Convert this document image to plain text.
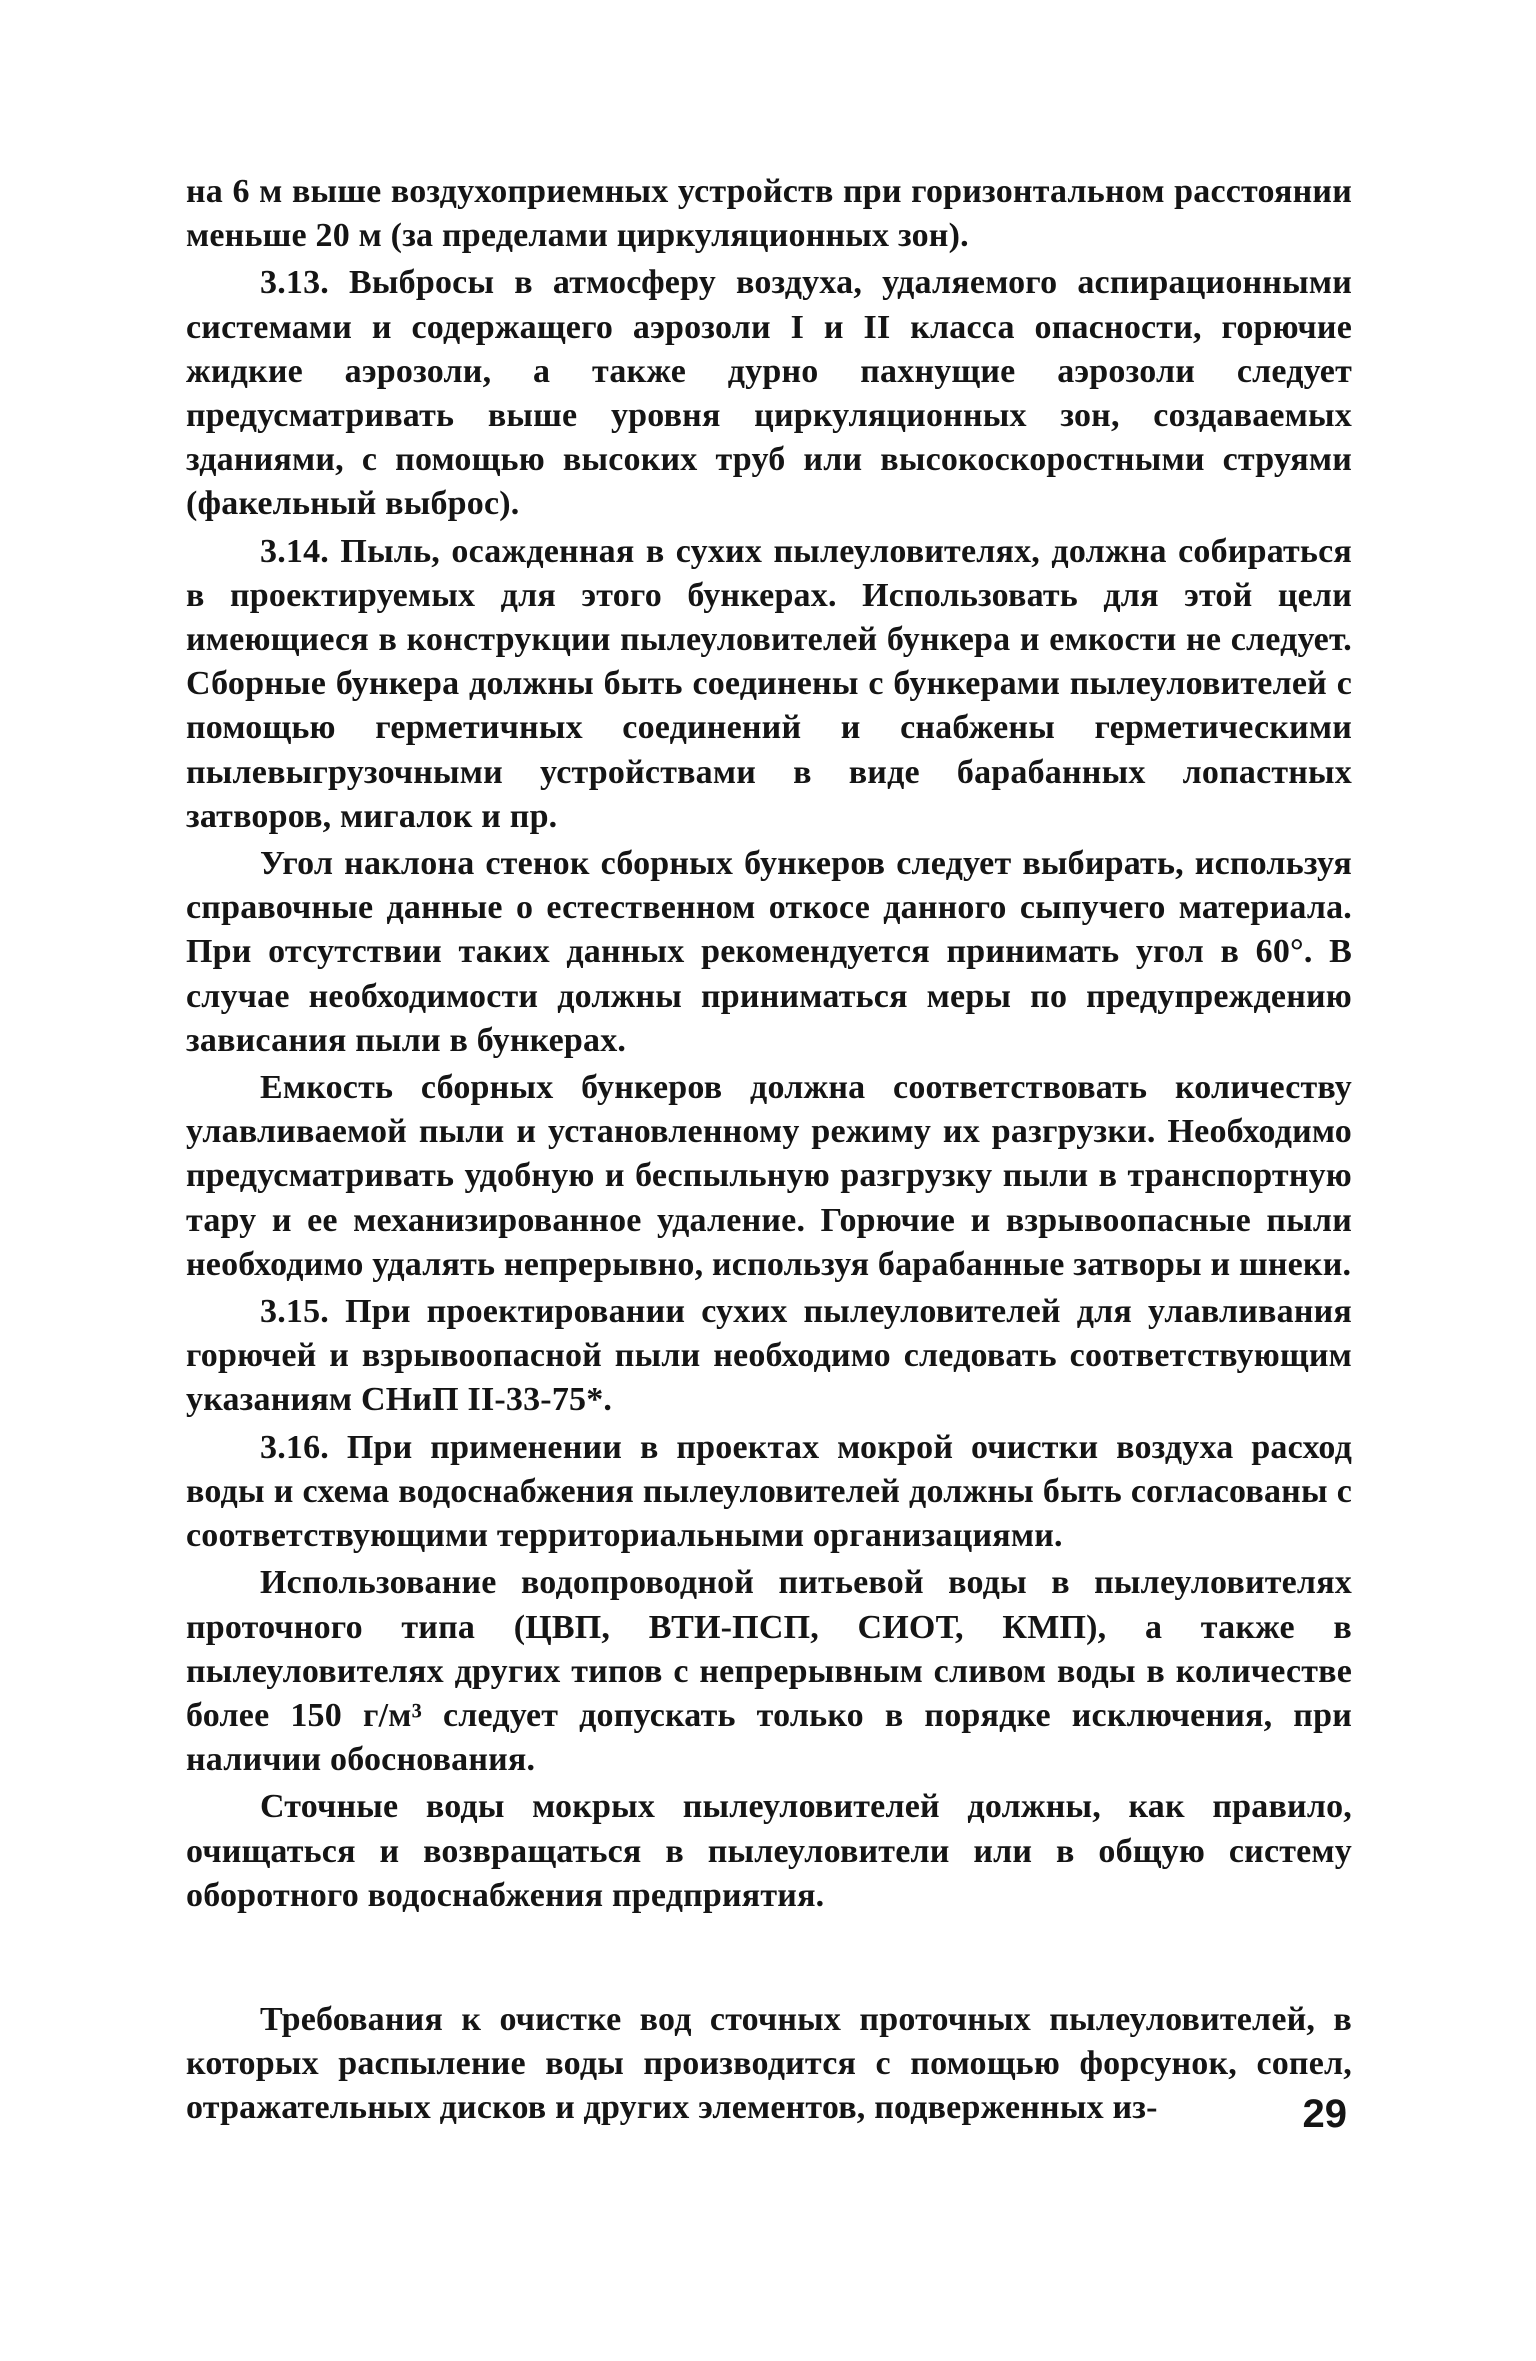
на 6 м выше воздухоприемных устройств при горизонтальном расстоянии меньше 20 м (за пределами циркуляционных зон).

3.13. Выбросы в атмосферу воздуха, удаляемого аспирационными системами и содержащего аэрозоли I и II класса опасности, горючие жидкие аэрозоли, а также дурно пахнущие аэрозоли следует предусматривать выше уровня циркуляционных зон, создаваемых зданиями, с помощью высоких труб или высокоскоростными струями (факельный выброс).

3.14. Пыль, осажденная в сухих пылеуловителях, должна собираться в проектируемых для этого бункерах. Использовать для этой цели имеющиеся в конструкции пылеуловителей бункера и емкости не следует. Сборные бункера должны быть соединены с бункерами пылеуловителей с помощью герметичных соединений и снабжены герметическими пылевыгрузочными устройствами в виде барабанных лопастных затворов, мигалок и пр.

Угол наклона стенок сборных бункеров следует выбирать, используя справочные данные о естественном откосе данного сыпучего материала. При отсутствии таких данных рекомендуется принимать угол в 60°. В случае необходимости должны приниматься меры по предупреждению зависания пыли в бункерах.

Емкость сборных бункеров должна соответствовать количеству улавливаемой пыли и установленному режиму их разгрузки. Необходимо предусматривать удобную и беспыльную разгрузку пыли в транспортную тару и ее механизированное удаление. Горючие и взрывоопасные пыли необходимо удалять непрерывно, используя барабанные затворы и шнеки.

3.15. При проектировании сухих пылеуловителей для улавливания горючей и взрывоопасной пыли необходимо следовать соответствующим указаниям СНиП II-33-75*.

3.16. При применении в проектах мокрой очистки воздуха расход воды и схема водоснабжения пылеуловителей должны быть согласованы с соответствующими территориальными организациями.

Использование водопроводной питьевой воды в пылеуловителях проточного типа (ЦВП, ВТИ-ПСП, СИОТ, КМП), а также в пылеуловителях других типов с непрерывным сливом воды в количестве более 150 г/м³ следует допускать только в порядке исключения, при наличии обоснования.

Сточные воды мокрых пылеуловителей должны, как правило, очищаться и возвращаться в пылеуловители или в общую систему оборотного водоснабжения предприятия.

Требования к очистке вод сточных проточных пылеуловителей, в которых распыление воды производится с помощью форсунок, сопел, отражательных дисков и других элементов, подверженных из-	29
